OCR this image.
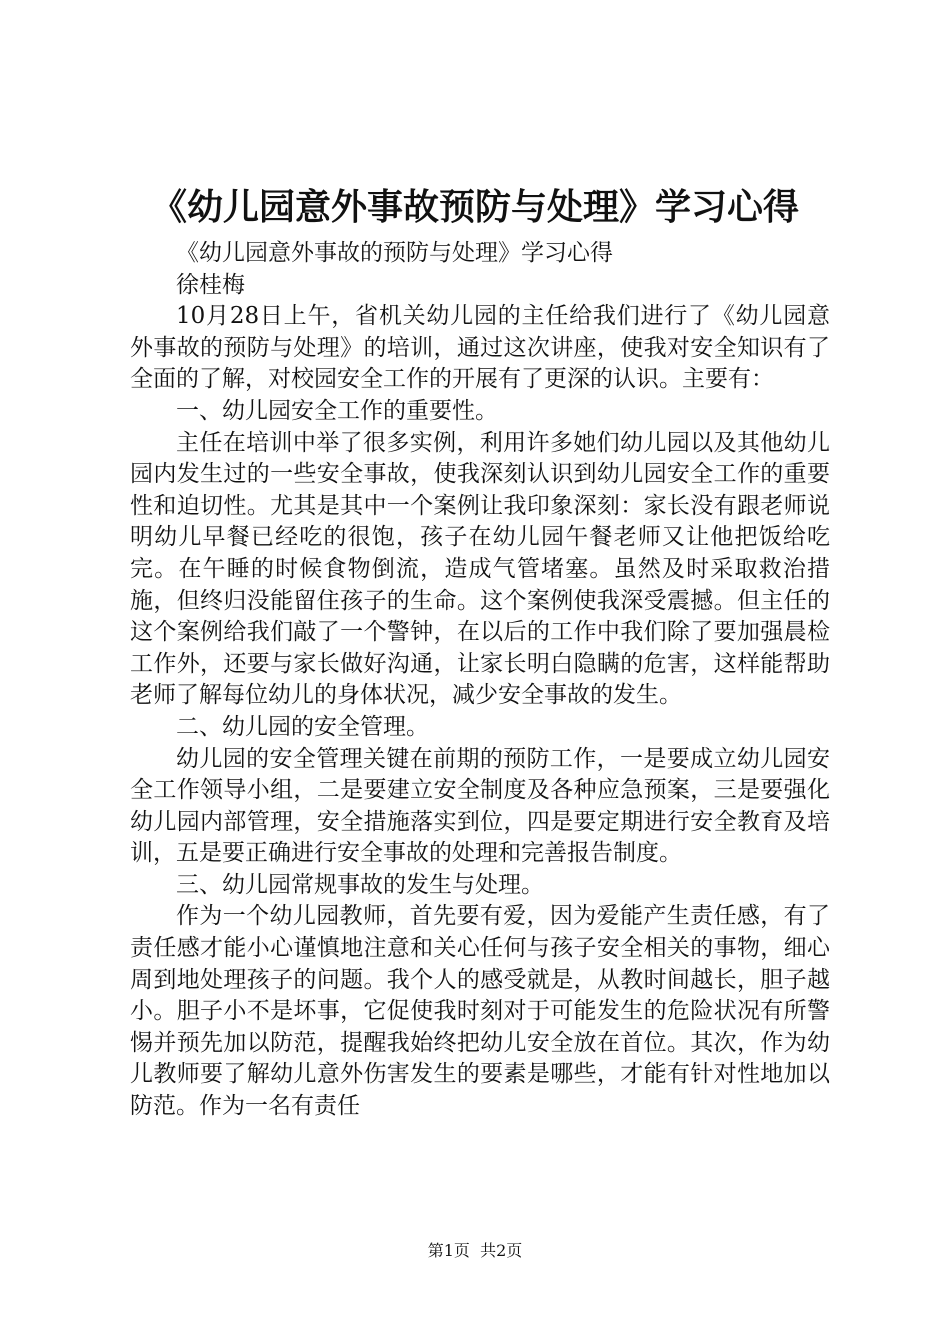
《幼儿园意外事故预防与处理》学习心得

《幼儿园意外事故的预防与处理》学习心得

徐桂梅

10月28日上午，省机关幼儿园的主任给我们进行了《幼儿园意外事故的预防与处理》的培训，通过这次讲座，使我对安全知识有了全面的了解，对校园安全工作的开展有了更深的认识。主要有：

一、幼儿园安全工作的重要性。

主任在培训中举了很多实例，利用许多她们幼儿园以及其他幼儿园内发生过的一些安全事故，使我深刻认识到幼儿园安全工作的重要性和迫切性。尤其是其中一个案例让我印象深刻：家长没有跟老师说明幼儿早餐已经吃的很饱，孩子在幼儿园午餐老师又让他把饭给吃完。在午睡的时候食物倒流，造成气管堵塞。虽然及时采取救治措施，但终归没能留住孩子的生命。这个案例使我深受震撼。但主任的这个案例给我们敲了一个警钟，在以后的工作中我们除了要加强晨检工作外，还要与家长做好沟通，让家长明白隐瞒的危害，这样能帮助老师了解每位幼儿的身体状况，减少安全事故的发生。

二、幼儿园的安全管理。

幼儿园的安全管理关键在前期的预防工作，一是要成立幼儿园安全工作领导小组，二是要建立安全制度及各种应急预案，三是要强化幼儿园内部管理，安全措施落实到位，四是要定期进行安全教育及培训，五是要正确进行安全事故的处理和完善报告制度。

三、幼儿园常规事故的发生与处理。

作为一个幼儿园教师，首先要有爱，因为爱能产生责任感，有了责任感才能小心谨慎地注意和关心任何与孩子安全相关的事物，细心周到地处理孩子的问题。我个人的感受就是，从教时间越长，胆子越小。胆子小不是坏事，它促使我时刻对于可能发生的危险状况有所警惕并预先加以防范，提醒我始终把幼儿安全放在首位。其次，作为幼儿教师要了解幼儿意外伤害发生的要素是哪些，才能有针对性地加以防范。作为一名有责任

第1页  共2页
